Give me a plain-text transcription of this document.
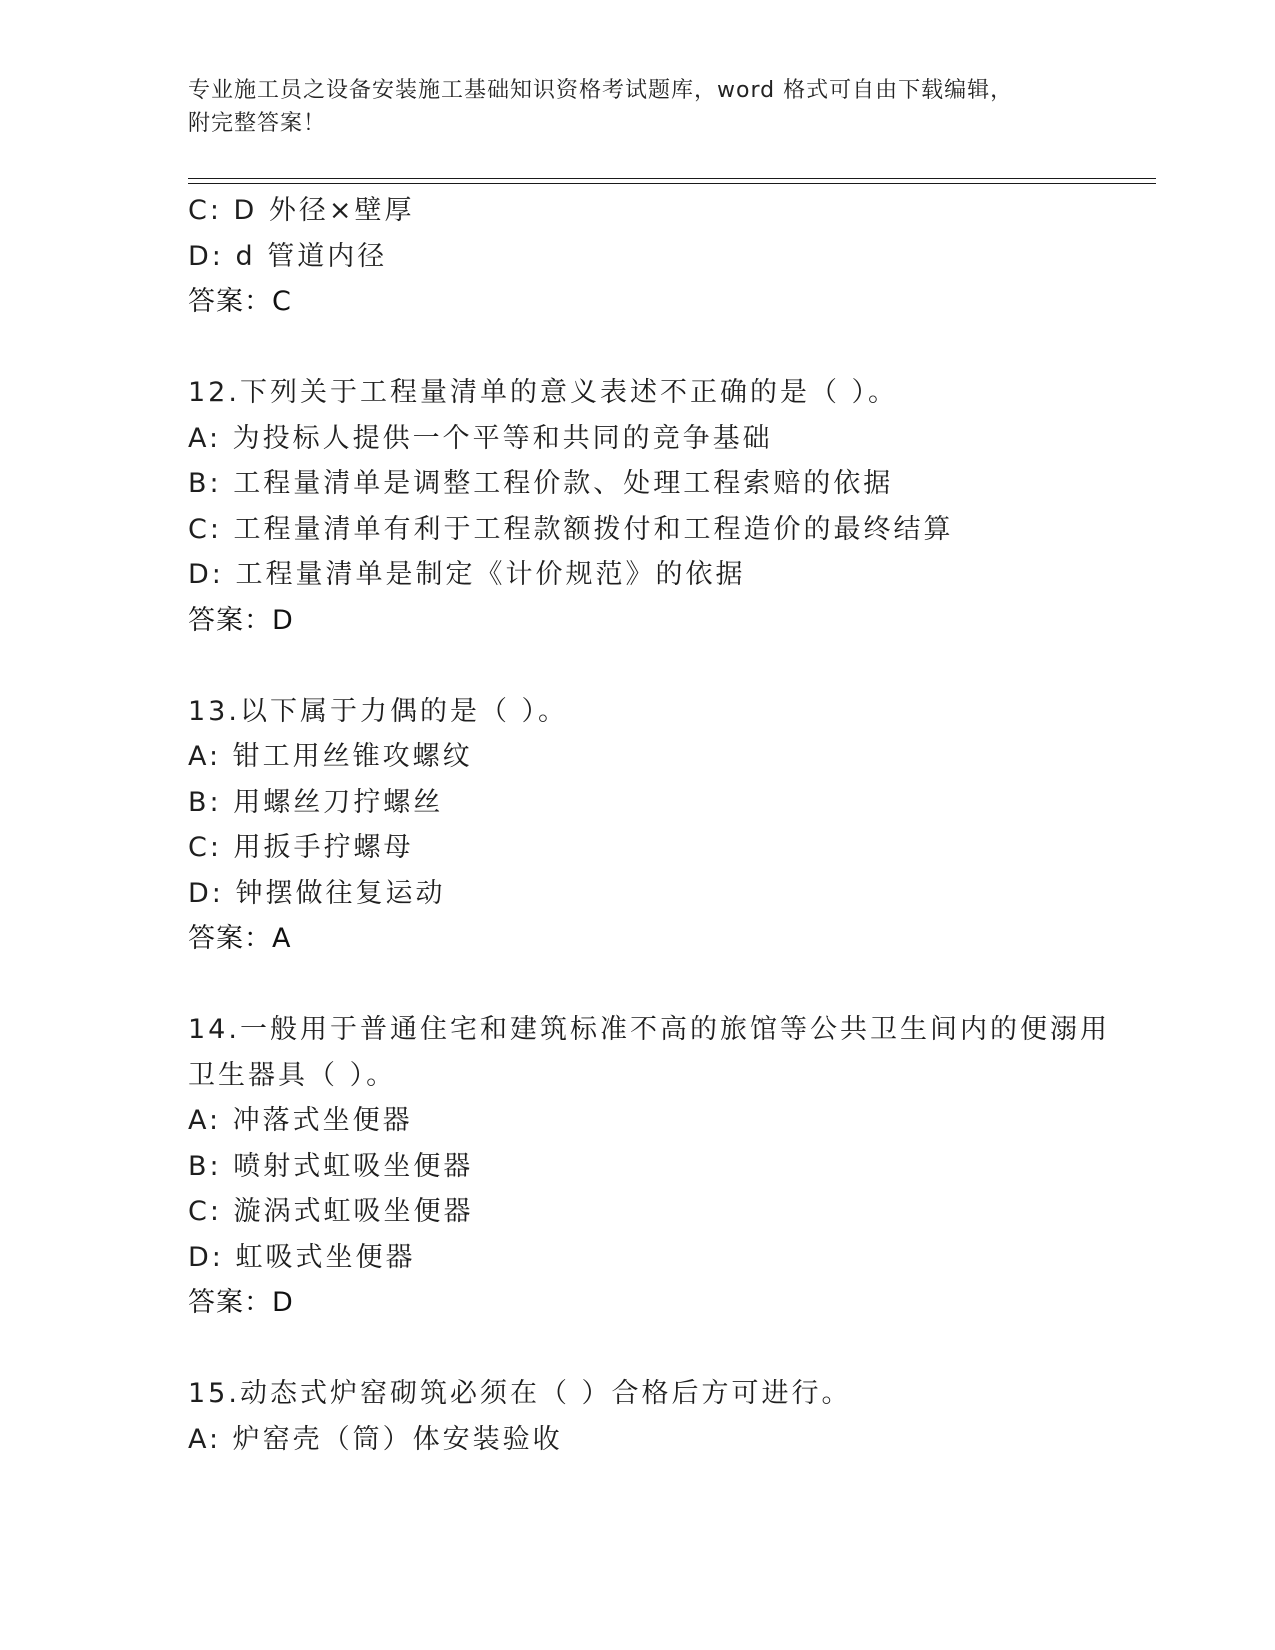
专业施工员之设备安装施工基础知识资格考试题库，word 格式可自由下载编辑，
附完整答案！
C: D 外径×壁厚
D: d 管道内径
答案：C
12.下列关于工程量清单的意义表述不正确的是（ ）。
A: 为投标人提供一个平等和共同的竞争基础
B: 工程量清单是调整工程价款、处理工程索赔的依据
C: 工程量清单有利于工程款额拨付和工程造价的最终结算
D: 工程量清单是制定《计价规范》的依据
答案：D
13.以下属于力偶的是（ ）。
A: 钳工用丝锥攻螺纹
B: 用螺丝刀拧螺丝
C: 用扳手拧螺母
D: 钟摆做往复运动
答案：A
14.一般用于普通住宅和建筑标准不高的旅馆等公共卫生间内的便溺用
卫生器具（ ）。
A: 冲落式坐便器
B: 喷射式虹吸坐便器
C: 漩涡式虹吸坐便器
D: 虹吸式坐便器
答案：D
15.动态式炉窑砌筑必须在（ ）合格后方可进行。
A: 炉窑壳（筒）体安装验收
